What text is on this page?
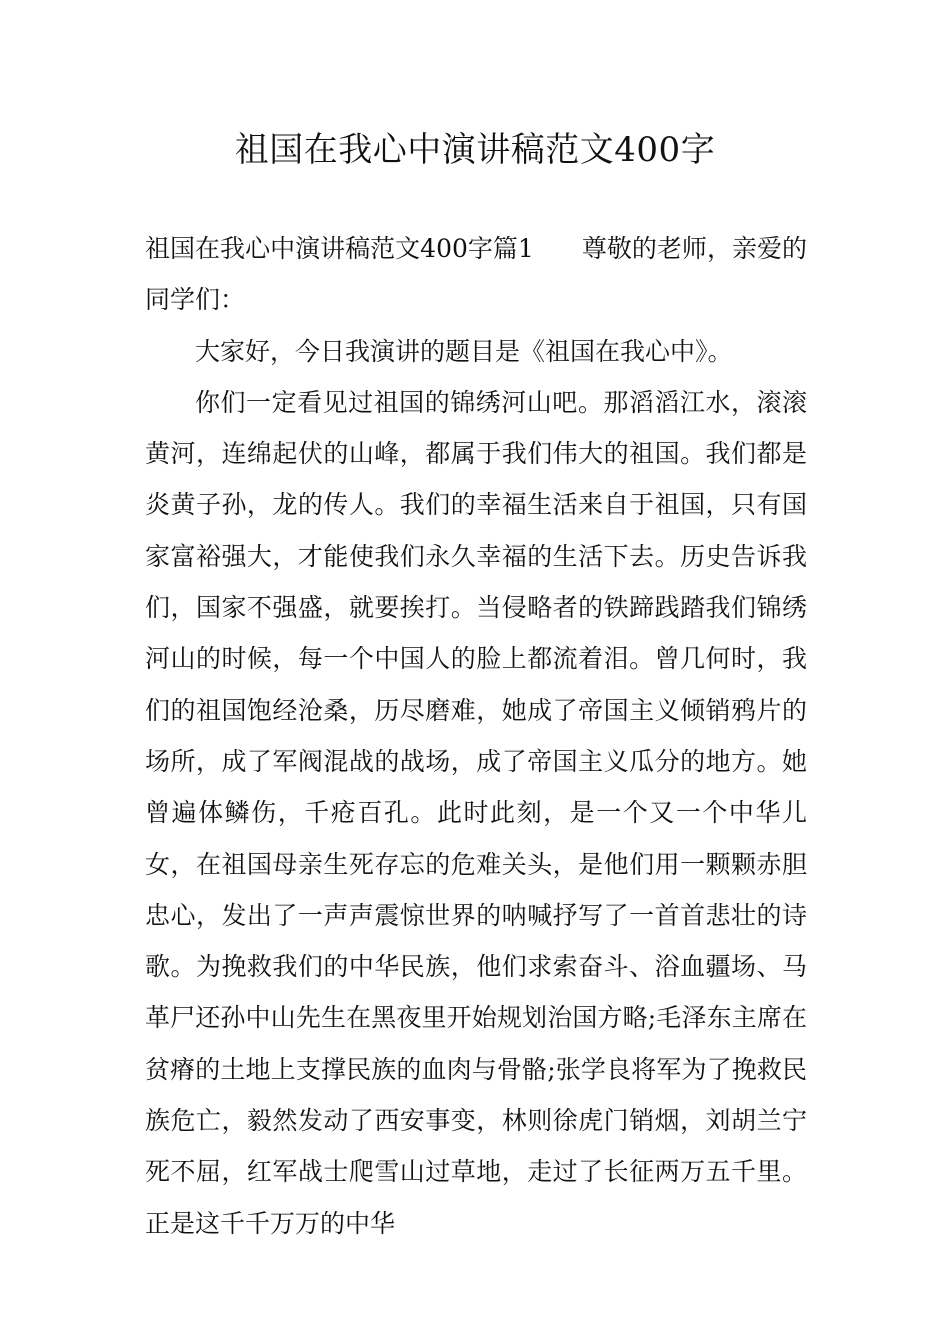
祖国在我心中演讲稿范文400字

祖国在我心中演讲稿范文400字篇1 尊敬的老师，亲爱的同学们：

大家好，今日我演讲的题目是《祖国在我心中》。

你们一定看见过祖国的锦绣河山吧。那滔滔江水，滚滚黄河，连绵起伏的山峰，都属于我们伟大的祖国。我们都是炎黄子孙，龙的传人。我们的幸福生活来自于祖国，只有国家富裕强大，才能使我们永久幸福的生活下去。历史告诉我们，国家不强盛，就要挨打。当侵略者的铁蹄践踏我们锦绣河山的时候，每一个中国人的脸上都流着泪。曾几何时，我们的祖国饱经沧桑，历尽磨难，她成了帝国主义倾销鸦片的场所，成了军阀混战的战场，成了帝国主义瓜分的地方。她曾遍体鳞伤，千疮百孔。此时此刻，是一个又一个中华儿女，在祖国母亲生死存忘的危难关头，是他们用一颗颗赤胆忠心，发出了一声声震惊世界的呐喊抒写了一首首悲壮的诗歌。为挽救我们的中华民族，他们求索奋斗、浴血疆场、马革尸还孙中山先生在黑夜里开始规划治国方略;毛泽东主席在贫瘠的土地上支撑民族的血肉与骨骼;张学良将军为了挽救民族危亡，毅然发动了西安事变，林则徐虎门销烟，刘胡兰宁死不屈，红军战士爬雪山过草地，走过了长征两万五千里。正是这千千万万的中华
